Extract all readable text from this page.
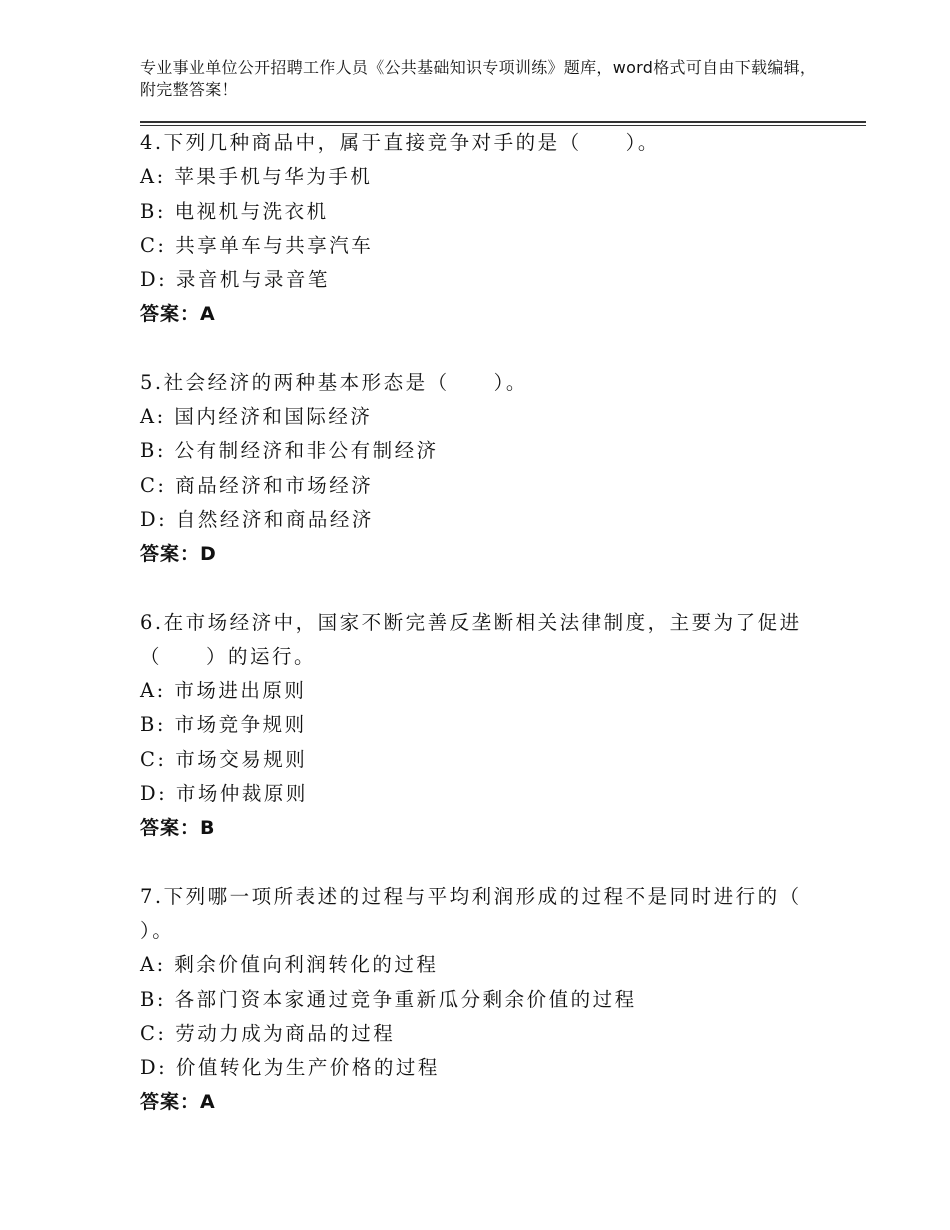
专业事业单位公开招聘工作人员《公共基础知识专项训练》题库，word格式可自由下载编辑，附完整答案！
4.下列几种商品中，属于直接竞争对手的是（　　）。
A: 苹果手机与华为手机
B: 电视机与洗衣机
C: 共享单车与共享汽车
D: 录音机与录音笔
答案：A
5.社会经济的两种基本形态是（　　）。
A: 国内经济和国际经济
B: 公有制经济和非公有制经济
C: 商品经济和市场经济
D: 自然经济和商品经济
答案：D
6.在市场经济中，国家不断完善反垄断相关法律制度，主要为了促进
（　　）的运行。
A: 市场进出原则
B: 市场竞争规则
C: 市场交易规则
D: 市场仲裁原则
答案：B
7.下列哪一项所表述的过程与平均利润形成的过程不是同时进行的（
）。
A: 剩余价值向利润转化的过程
B: 各部门资本家通过竞争重新瓜分剩余价值的过程
C: 劳动力成为商品的过程
D: 价值转化为生产价格的过程
答案：A
